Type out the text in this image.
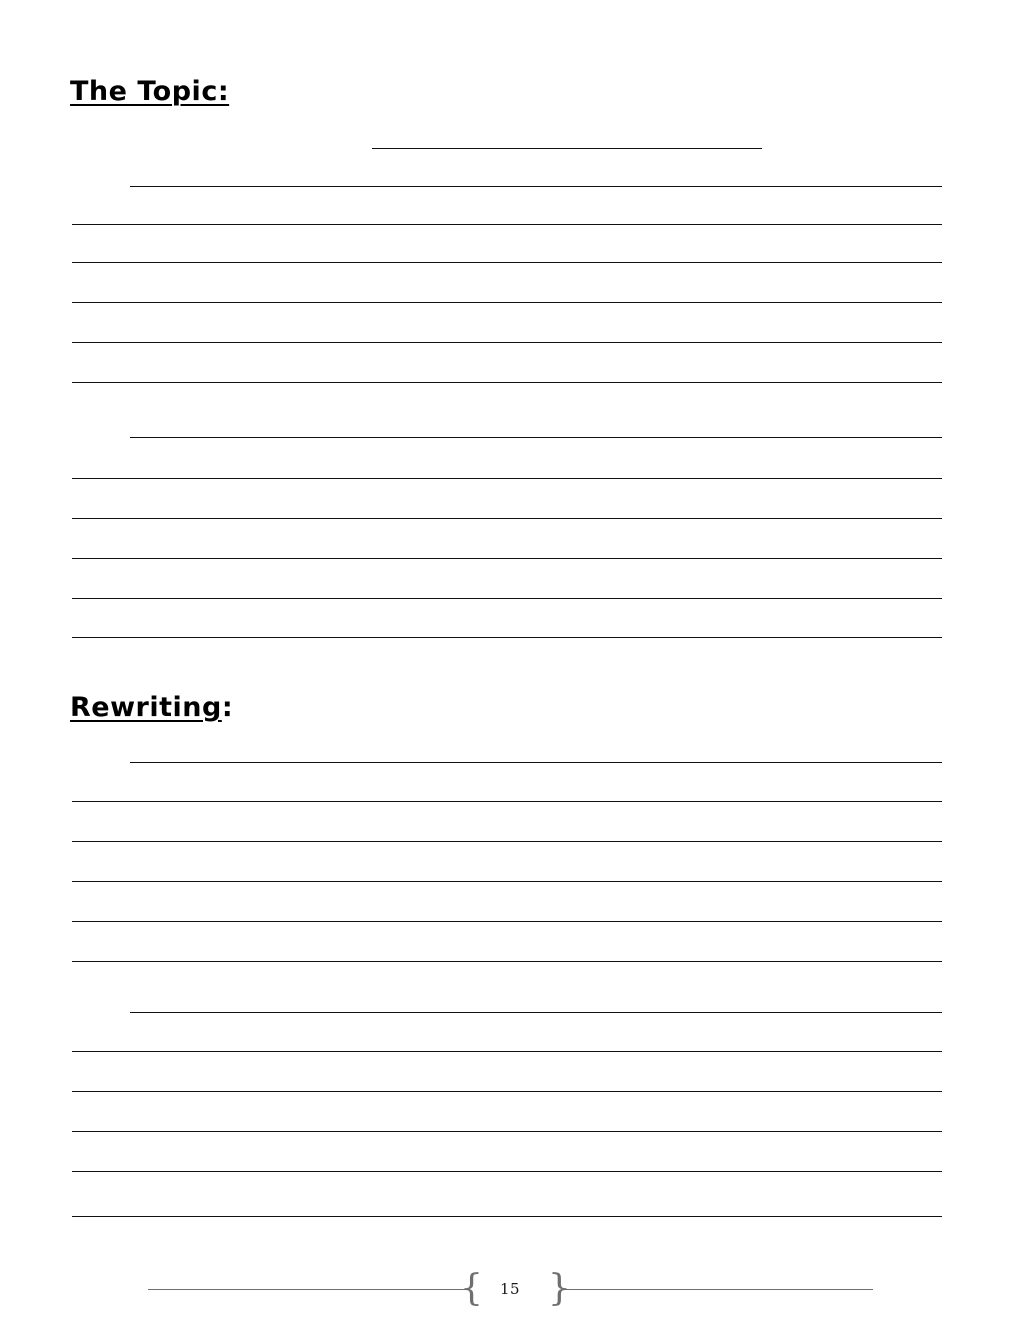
The Topic:
Rewriting:
{	15 }
